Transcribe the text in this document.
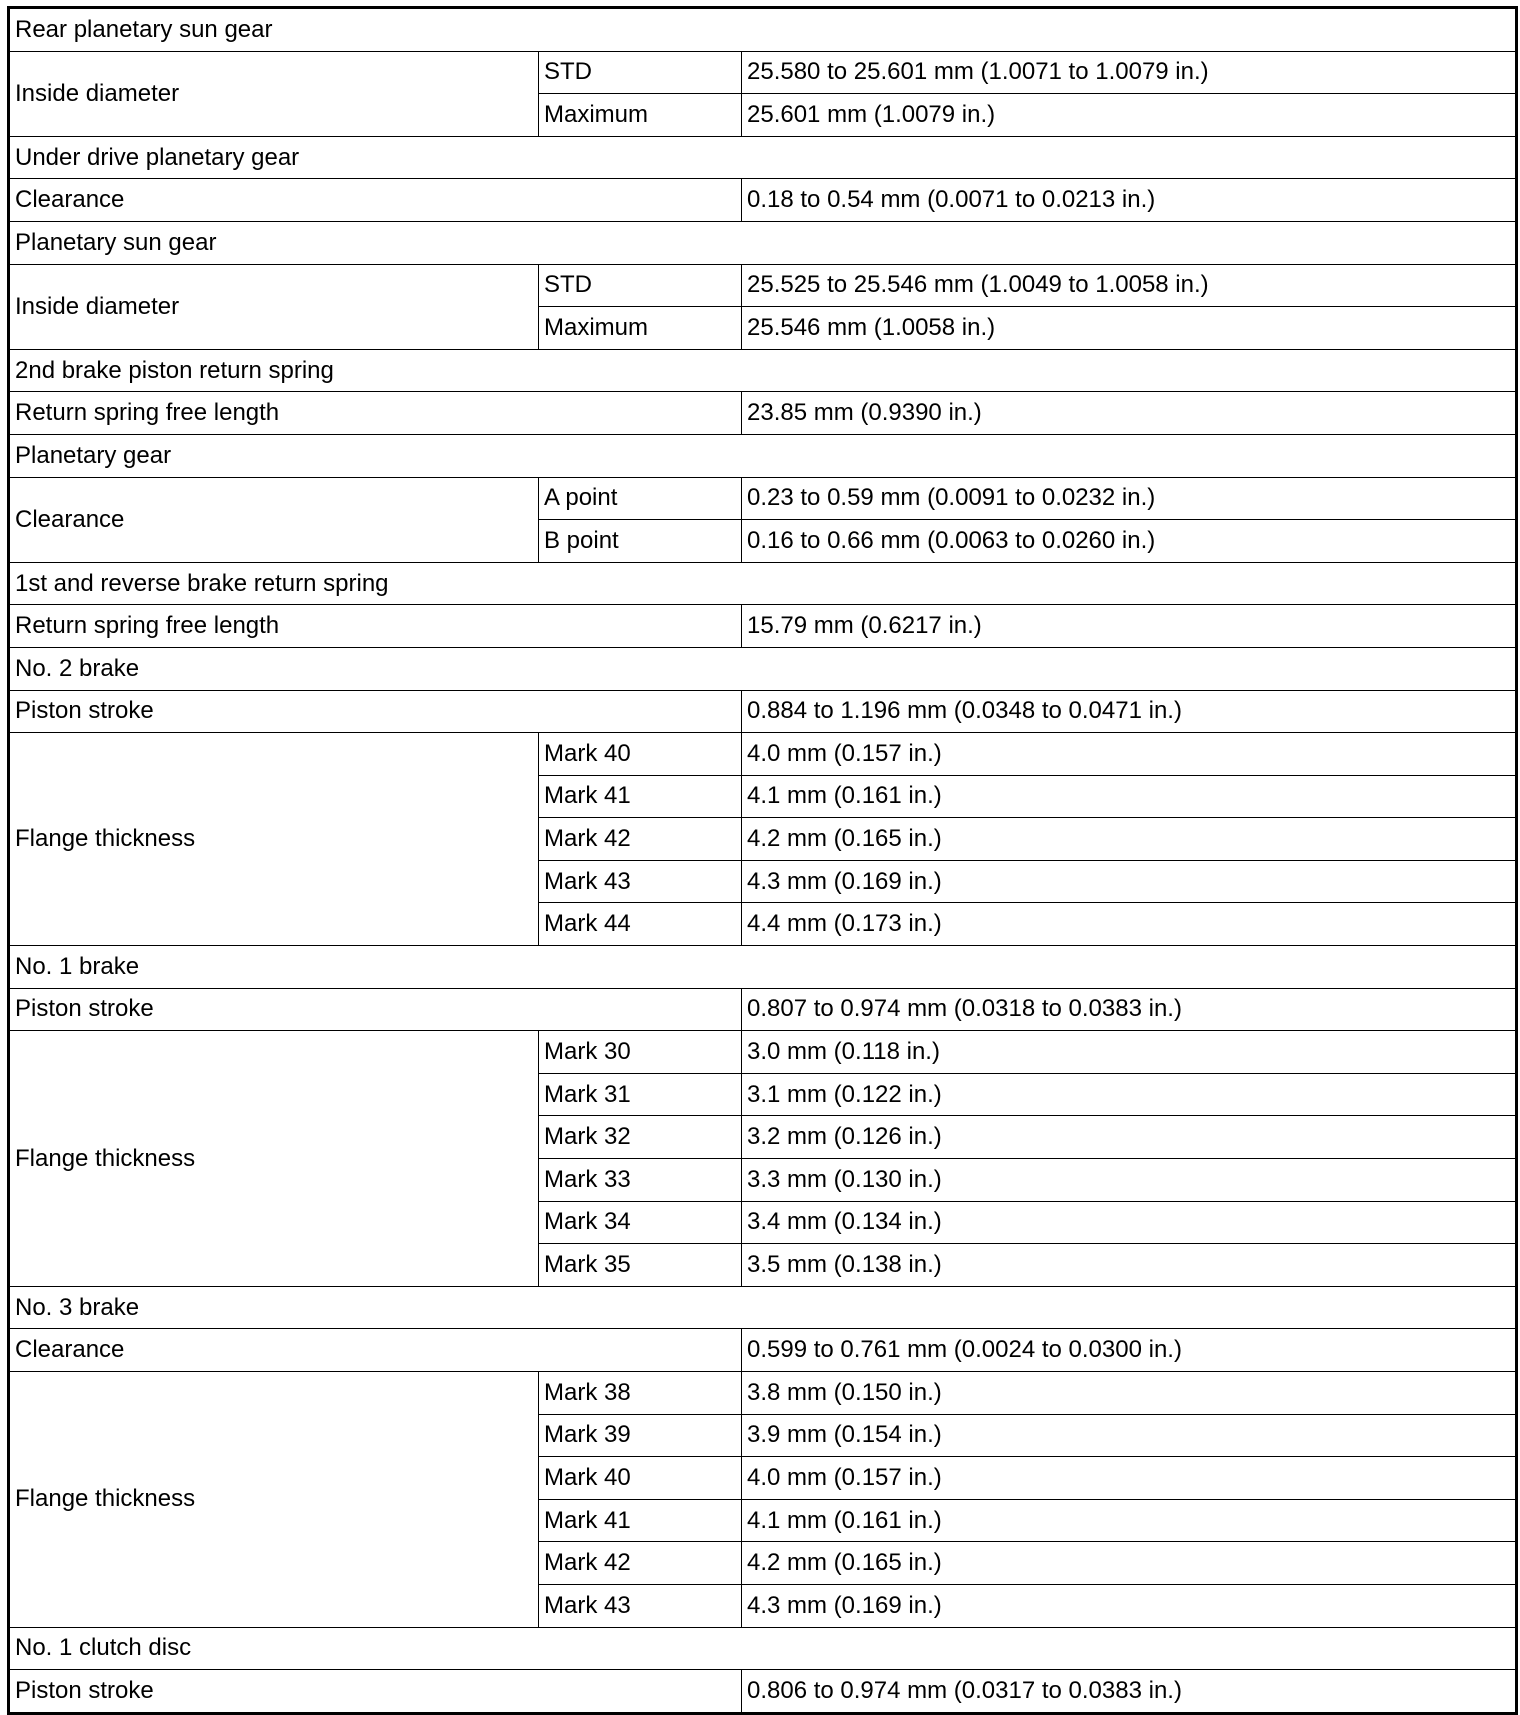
Rear planetary sun gear		
Inside diameter	STD	25.580 to 25.601 mm (1.0071 to 1.0079 in.)
	Maximum	25.601 mm (1.0079 in.)
Under drive planetary gear		
Clearance		0.18 to 0.54 mm (0.0071 to 0.0213 in.)
Planetary sun gear		
Inside diameter	STD	25.525 to 25.546 mm (1.0049 to 1.0058 in.)
	Maximum	25.546 mm (1.0058 in.)
2nd brake piston return spring		
Return spring free length		23.85 mm (0.9390 in.)
Planetary gear		
Clearance	A point	0.23 to 0.59 mm (0.0091 to 0.0232 in.)
	B point	0.16 to 0.66 mm (0.0063 to 0.0260 in.)
1st and reverse brake return spring		
Return spring free length		15.79 mm (0.6217 in.)
No. 2 brake		
Piston stroke		0.884 to 1.196 mm (0.0348 to 0.0471 in.)
Flange thickness	Mark 40	4.0 mm (0.157 in.)
	Mark 41	4.1 mm (0.161 in.)
	Mark 42	4.2 mm (0.165 in.)
	Mark 43	4.3 mm (0.169 in.)
	Mark 44	4.4 mm (0.173 in.)
No. 1 brake		
Piston stroke		0.807 to 0.974 mm (0.0318 to 0.0383 in.)
Flange thickness	Mark 30	3.0 mm (0.118 in.)
	Mark 31	3.1 mm (0.122 in.)
	Mark 32	3.2 mm (0.126 in.)
	Mark 33	3.3 mm (0.130 in.)
	Mark 34	3.4 mm (0.134 in.)
	Mark 35	3.5 mm (0.138 in.)
No. 3 brake		
Clearance		0.599 to 0.761 mm (0.0024 to 0.0300 in.)
Flange thickness	Mark 38	3.8 mm (0.150 in.)
	Mark 39	3.9 mm (0.154 in.)
	Mark 40	4.0 mm (0.157 in.)
	Mark 41	4.1 mm (0.161 in.)
	Mark 42	4.2 mm (0.165 in.)
	Mark 43	4.3 mm (0.169 in.)
No. 1 clutch disc		
Piston stroke		0.806 to 0.974 mm (0.0317 to 0.0383 in.)
